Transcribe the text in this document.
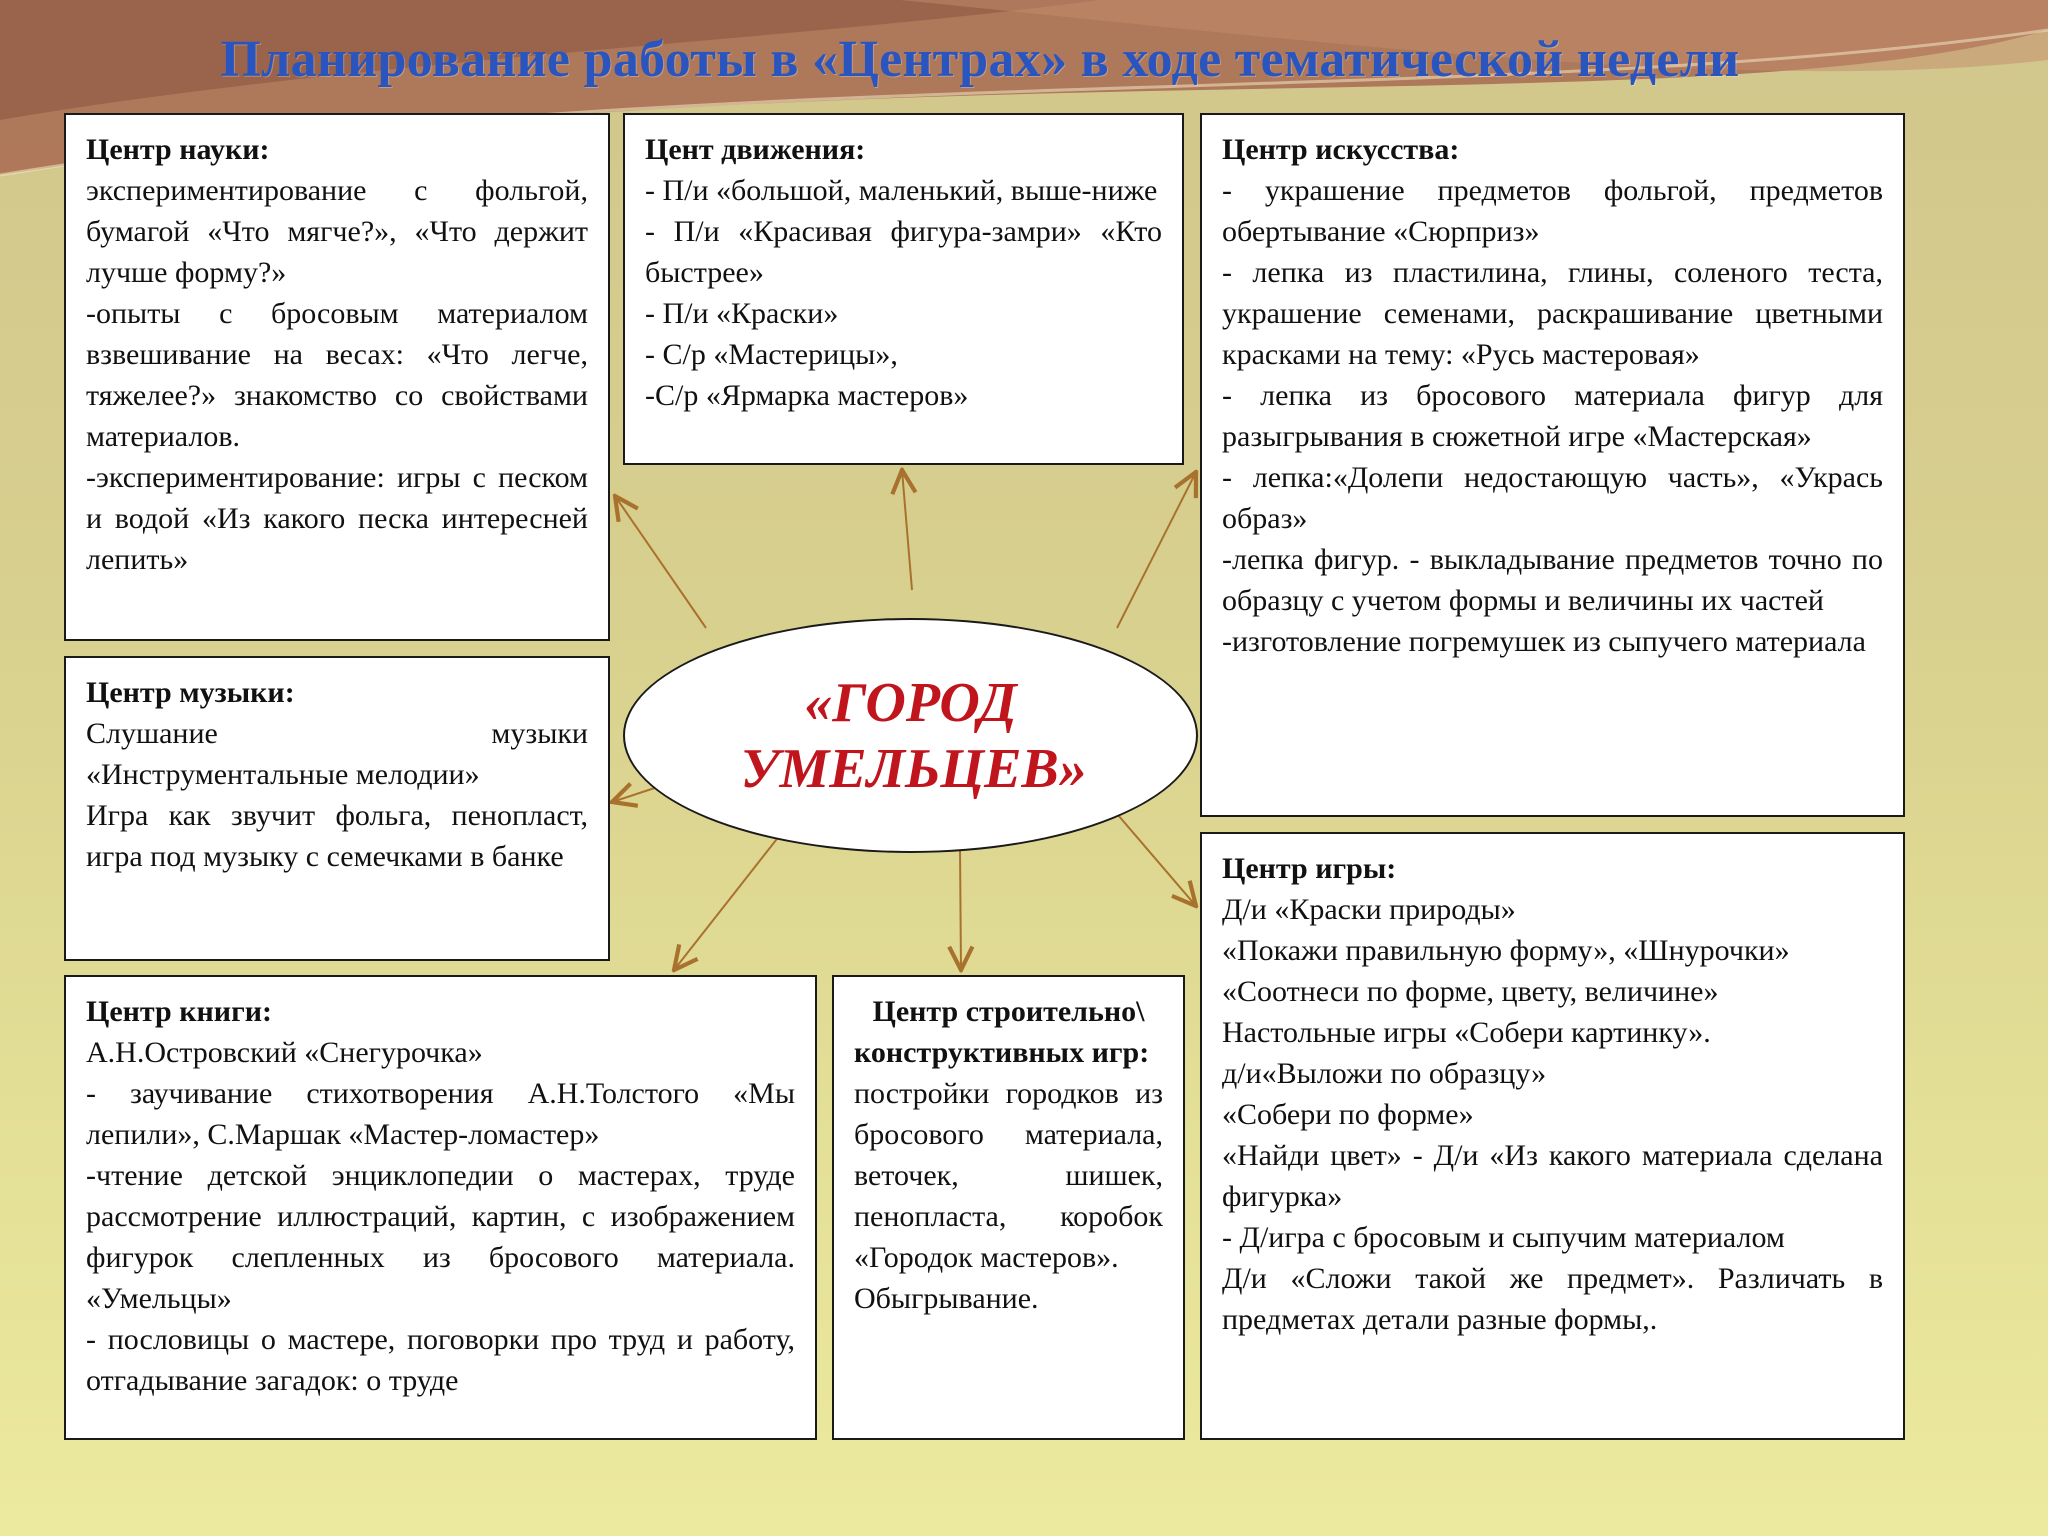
Планирование работы в «Центрах» в ходе тематической недели

Центр науки:

экспериментирование с фольгой, бумагой «Что мягче?», «Что держит лучше форму?»

-опыты с бросовым материалом взвешивание на весах: «Что легче, тяжелее?» знакомство со свойствами материалов.

-экспериментирование: игры с песком и водой «Из какого песка интересней лепить»

Цент движения:

- П/и «большой, маленький, выше-ниже

- П/и «Красивая фигура-замри» «Кто быстрее»

- П/и «Краски»

- С/р «Мастерицы»,

-С/р «Ярмарка мастеров»

Центр искусства:

- украшение предметов фольгой, предметов обертывание «Сюрприз»

- лепка из пластилина, глины, соленого теста, украшение семенами, раскрашивание цветными красками на тему: «Русь мастеровая»

- лепка из бросового материала фигур для разыгрывания в сюжетной игре «Мастерская»

- лепка:«Долепи недостающую часть», «Укрась образ»

-лепка фигур. - выкладывание предметов точно по образцу с учетом формы и величины их частей

-изготовление погремушек из сыпучего материала

Центр музыки:

Слушание музыки «Инструментальные мелодии»

Игра как звучит фольга, пенопласт, игра под музыку с семечками в банке

«ГОРОД
УМЕЛЬЦЕВ»

Центр игры:

Д/и «Краски природы»

«Покажи правильную форму», «Шнурочки»

«Соотнеси по форме, цвету, величине»

Настольные игры «Собери картинку».

д/и«Выложи по образцу»

«Собери по форме»

«Найди цвет» - Д/и «Из какого материала сделана фигурка»

- Д/игра с бросовым и сыпучим материалом

Д/и «Сложи такой же предмет». Различать в предметах детали разные формы,.

Центр книги:

А.Н.Островский «Снегурочка»

- заучивание стихотворения А.Н.Толстого «Мы лепили», С.Маршак «Мастер-ломастер»

-чтение детской энциклопедии о мастерах, труде рассмотрение иллюстраций, картин, с изображением фигурок слепленных из бросового материала. «Умельцы»

- пословицы о мастере, поговорки про труд и работу, отгадывание загадок: о труде

Центр строительно\ конструктивных игр:

пострoйки городков из бросового материала, веточек, шишек, пенопласта, коробок «Городок мастеров».

Обыгрывание.
